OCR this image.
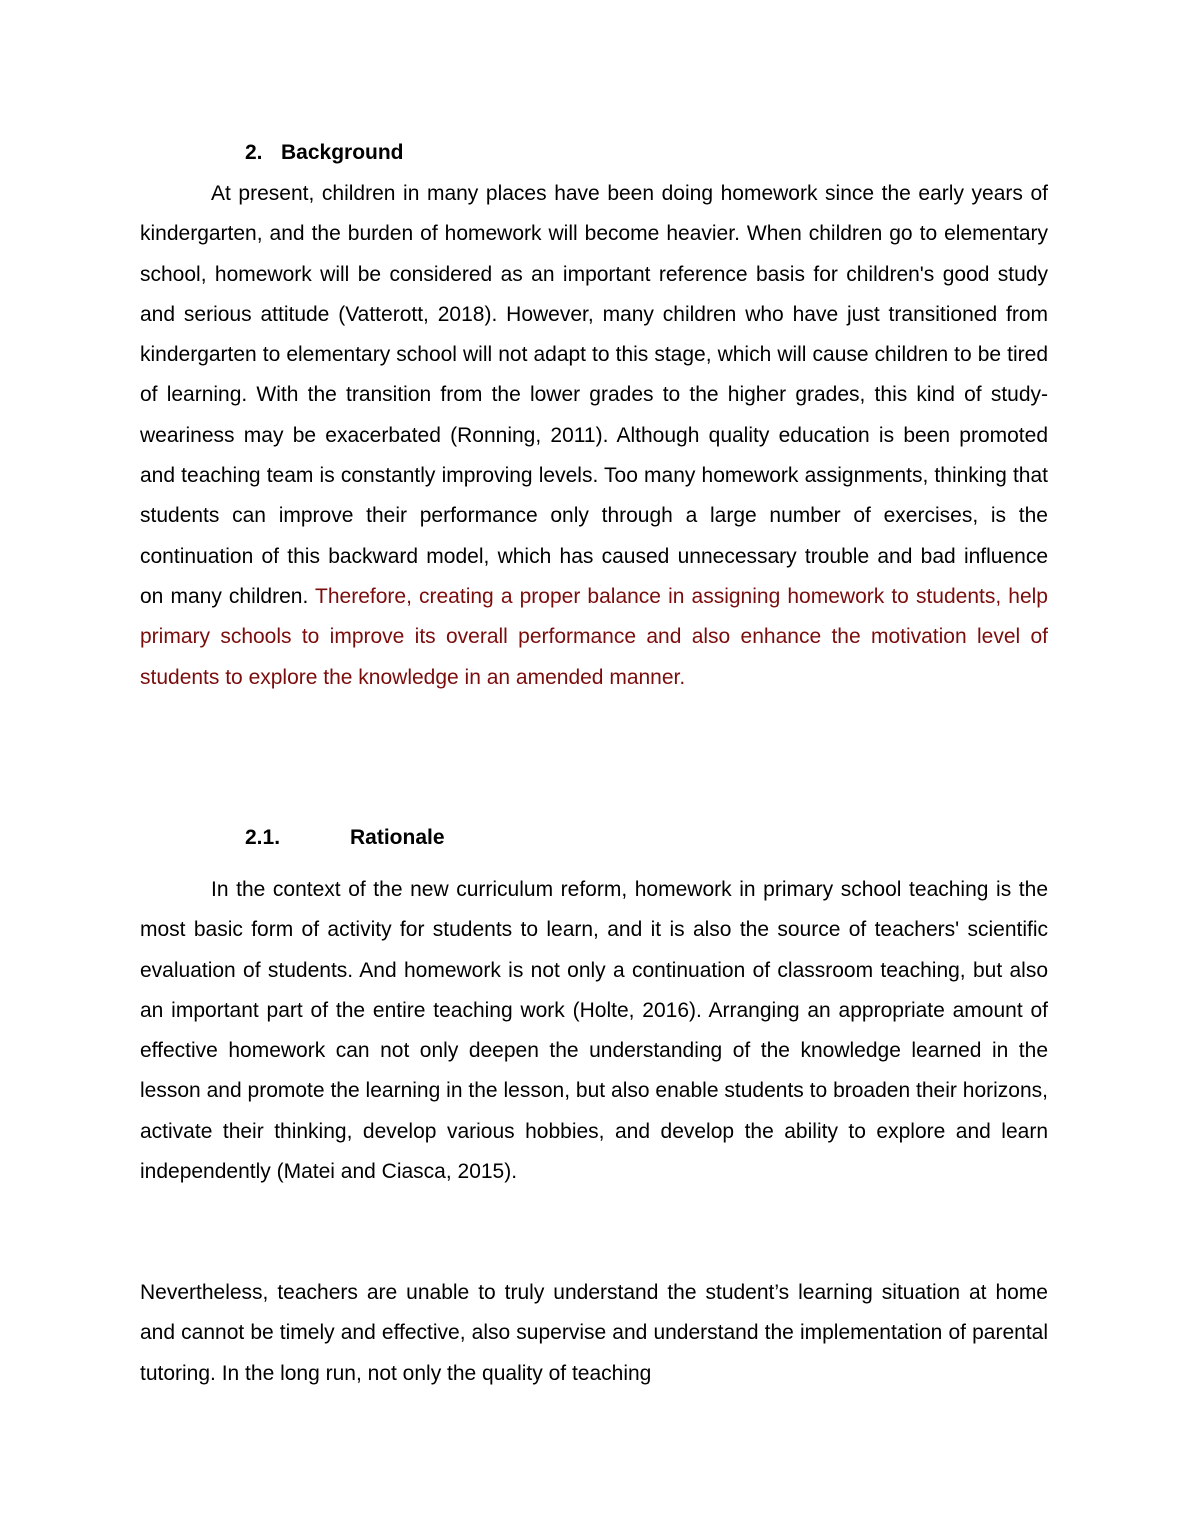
2. Background

At present, children in many places have been doing homework since the early years of kindergarten, and the burden of homework will become heavier. When children go to elementary school, homework will be considered as an important reference basis for children's good study and serious attitude (Vatterott, 2018). However, many children who have just transitioned from kindergarten to elementary school will not adapt to this stage, which will cause children to be tired of learning. With the transition from the lower grades to the higher grades, this kind of study-weariness may be exacerbated (Ronning, 2011). Although quality education is been promoted and teaching team is constantly improving levels. Too many homework assignments, thinking that students can improve their performance only through a large number of exercises, is the continuation of this backward model, which has caused unnecessary trouble and bad influence on many children. Therefore, creating a proper balance in assigning homework to students, help primary schools to improve its overall performance and also enhance the motivation level of students to explore the knowledge in an amended manner.

2.1.	Rationale

In the context of the new curriculum reform, homework in primary school teaching is the most basic form of activity for students to learn, and it is also the source of teachers' scientific evaluation of students. And homework is not only a continuation of classroom teaching, but also an important part of the entire teaching work (Holte, 2016). Arranging an appropriate amount of effective homework can not only deepen the understanding of the knowledge learned in the lesson and promote the learning in the lesson, but also enable students to broaden their horizons, activate their thinking, develop various hobbies, and develop the ability to explore and learn independently (Matei and Ciasca, 2015).

Nevertheless, teachers are unable to truly understand the student’s learning situation at home and cannot be timely and effective, also supervise and understand the implementation of parental tutoring. In the long run, not only the quality of teaching
